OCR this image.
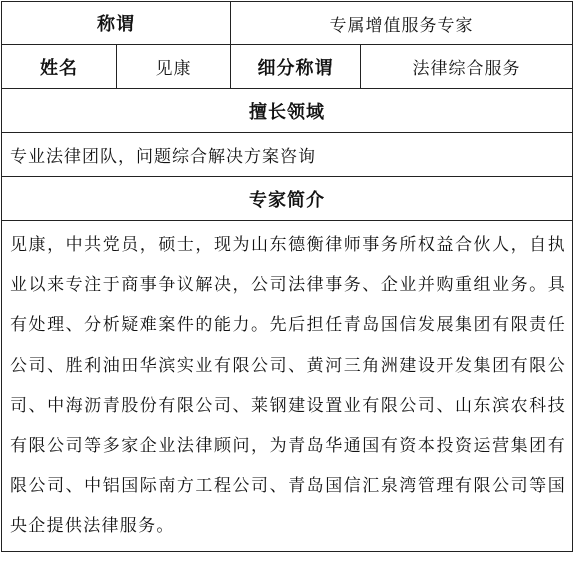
称谓		专属增值服务专家	
姓名	见康	细分称谓	法律综合服务
擅长领域			
专业法律团队，问题综合解决方案咨询			
专家简介			
见康，中共党员，硕士，现为山东德衡律师事务所权益合伙人，自执业以来专注于商事争议解决，公司法律事务、企业并购重组业务。具有处理、分析疑难案件的能力。先后担任青岛国信发展集团有限责任公司、胜利油田华滨实业有限公司、黄河三角洲建设开发集团有限公司、中海沥青股份有限公司、莱钢建设置业有限公司、山东滨农科技有限公司等多家企业法律顾问，为青岛华通国有资本投资运营集团有限公司、中铝国际南方工程公司、青岛国信汇泉湾管理有限公司等国央企提供法律服务。			
